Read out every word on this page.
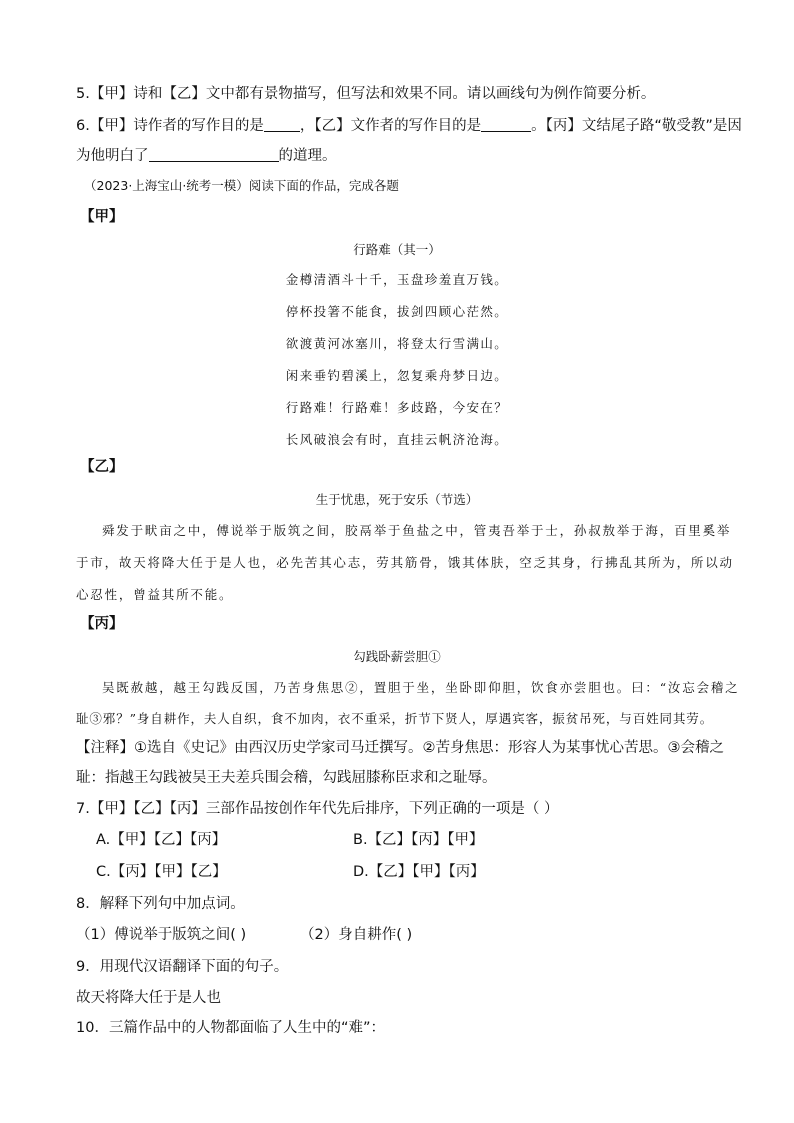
5.【甲】诗和【乙】文中都有景物描写，但写法和效果不同。请以画线句为例作简要分析。
6.【甲】诗作者的写作目的是 ，【乙】文作者的写作目的是	。【丙】文结尾子路“敬受教”是因
为他明白了	的道理。
（2023·上海宝山·统考一模）阅读下面的作品，完成各题
【甲】
行路难（其一）
金樽清酒斗十千，玉盘珍羞直万钱。
停杯投箸不能食，拔剑四顾心茫然。
欲渡黄河冰塞川，将登太行雪满山。
闲来垂钓碧溪上，忽复乘舟梦日边。
行路难！行路难！多歧路，今安在？
长风破浪会有时，直挂云帆济沧海。
【乙】
生于忧患，死于安乐（节选）
舜发于畎亩之中，傅说举于版筑之间，胶鬲举于鱼盐之中，管夷吾举于士，孙叔敖举于海，百里奚举
于市，故天将降大任于是人也，必先苦其心志，劳其筋骨，饿其体肤，空乏其身，行拂乱其所为，所以动
心忍性，曾益其所不能。
【丙】
勾践卧薪尝胆①
吴既赦越，越王勾践反国，乃苦身焦思②，置胆于坐，坐卧即仰胆，饮食亦尝胆也。曰：“汝忘会稽之
耻③邪？”身自耕作，夫人自织，食不加肉，衣不重采，折节下贤人，厚遇宾客，振贫吊死，与百姓同其劳。
【注释】①选自《史记》由西汉历史学家司马迁撰写。②苦身焦思：形容人为某事忧心苦思。③会稽之
耻：指越王勾践被吴王夫差兵围会稽，勾践屈膝称臣求和之耻辱。
7.【甲】【乙】【丙】三部作品按创作年代先后排序，下列正确的一项是（ ）
A.【甲】【乙】【丙】	B.【乙】【丙】【甲】
C.【丙】【甲】【乙】	D.【乙】【甲】【丙】
8．解释下列句中加点词。
（1）傅说举于版筑之间( )	（2）身自耕作( )
9．用现代汉语翻译下面的句子。
故天将降大任于是人也
10．三篇作品中的人物都面临了人生中的“难”：
